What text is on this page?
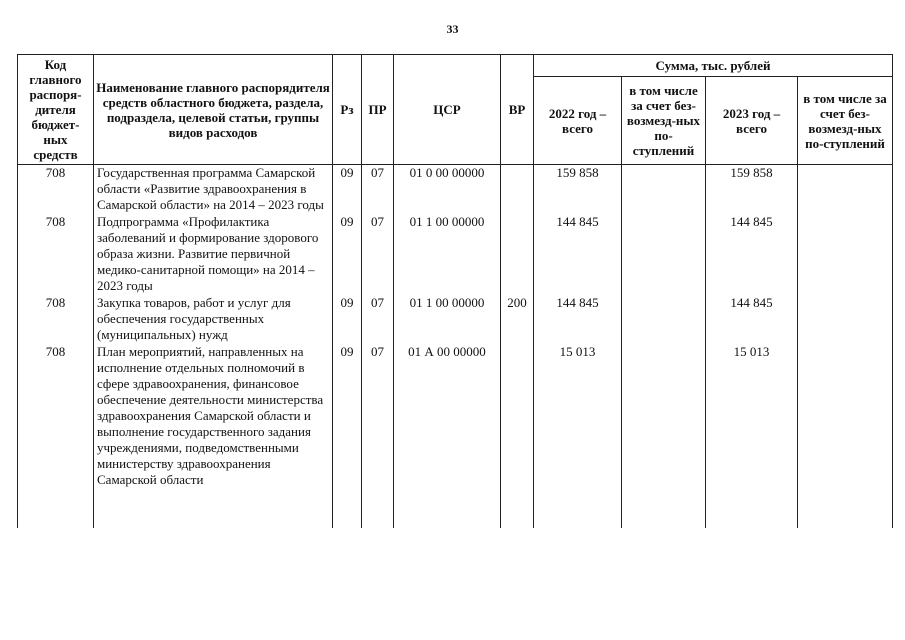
33
Код главного распоря-дителя бюджет-ных средств	Наименование главного распорядителя средств областного бюджета, раздела, подраздела, целевой статьи, группы видов расходов	Рз	ПР	ЦСР	ВР	Сумма, тыс. рублей			
						2022 год – всего	в том числе за счет без-возмезд-ных по-ступлений	2023 год – всего	в том числе за счет без-возмезд-ных по-ступлений
708	Государственная программа Самарской области «Развитие здравоохранения в Самарской области» на 2014 – 2023 годы	09	07	01 0 00 00000		159 858		159 858	
708	Подпрограмма «Профилактика заболеваний и формирование здорового образа жизни. Развитие первичной медико-санитарной помощи» на 2014 – 2023 годы	09	07	01 1 00 00000		144 845		144 845	
708	Закупка товаров, работ и услуг для обеспечения государственных (муниципальных) нужд	09	07	01 1 00 00000	200	144 845		144 845	
708	План мероприятий, направленных на исполнение отдельных полномочий в сфере здравоохранения, финансовое обеспечение деятельности министерства здравоохранения Самарской области и выполнение государственного задания учреждениями, подведомственными министерству здравоохранения Самарской области	09	07	01 А 00 00000		15 013		15 013	
